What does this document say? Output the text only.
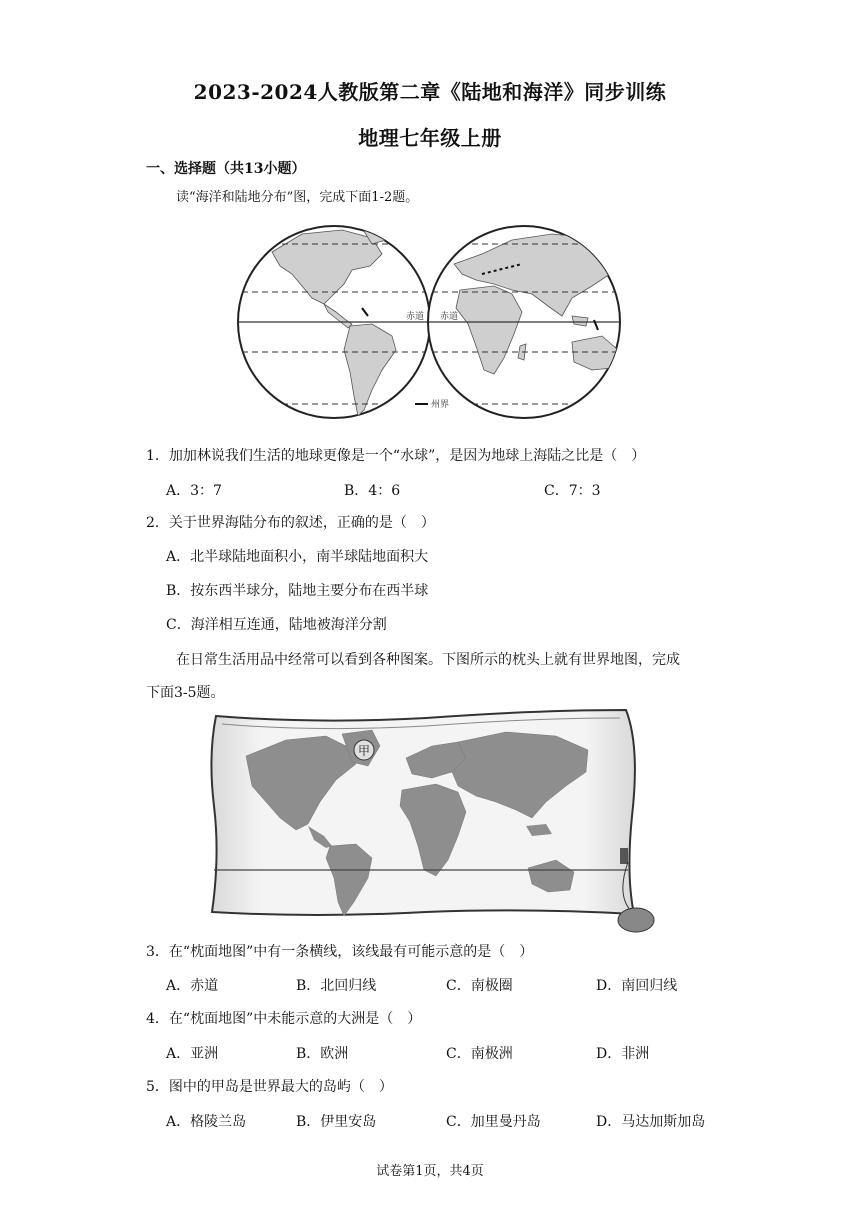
2023-2024人教版第二章《陆地和海洋》同步训练
地理七年级上册
一、选择题（共13小题）
读“海洋和陆地分布”图，完成下面1-2题。
赤道 赤道
州界
1．加加林说我们生活的地球更像是一个“水球”，是因为地球上海陆之比是（　）
A．3：7	B．4：6	C．7：3
2．关于世界海陆分布的叙述，正确的是（　）
A．北半球陆地面积小，南半球陆地面积大
B．按东西半球分，陆地主要分布在西半球
C．海洋相互连通，陆地被海洋分割
在日常生活用品中经常可以看到各种图案。下图所示的枕头上就有世界地图，完成
下面3-5题。
甲
3．在“枕面地图”中有一条横线，该线最有可能示意的是（　）
A．赤道	B．北回归线	C．南极圈	D．南回归线
4．在“枕面地图”中未能示意的大洲是（　）
A．亚洲	B．欧洲	C．南极洲	D．非洲
5．图中的甲岛是世界最大的岛屿（　）
A．格陵兰岛	B．伊里安岛	C．加里曼丹岛	D．马达加斯加岛
试卷第1页，共4页
